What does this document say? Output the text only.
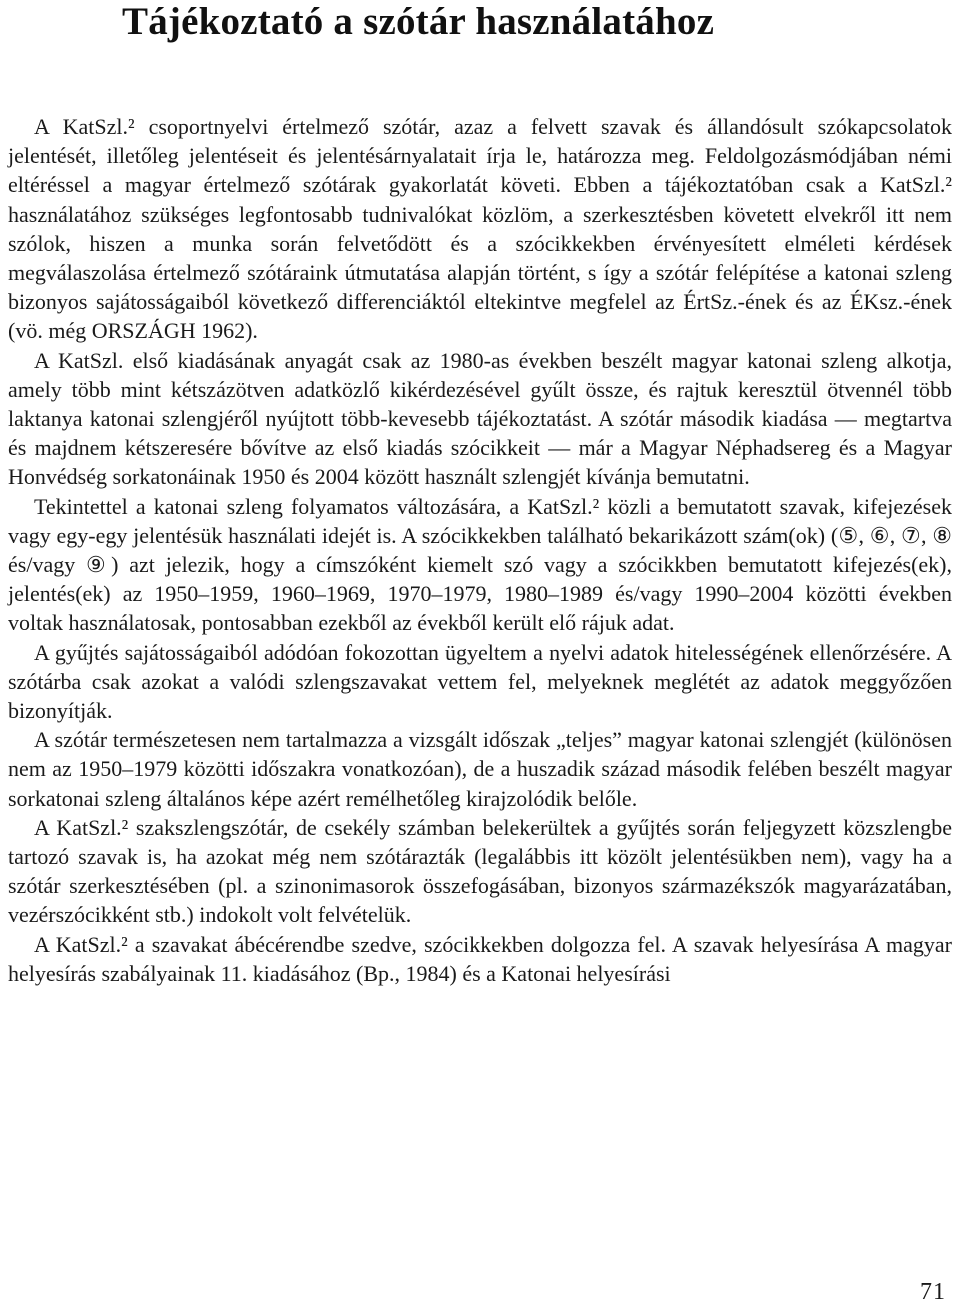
Tájékoztató a szótár használatához

A KatSzl.² csoportnyelvi értelmező szótár, azaz a felvett szavak és állandósult szókapcsolatok jelentését, illetőleg jelentéseit és jelentésárnyalatait írja le, határozza meg. Feldolgozásmódjában némi eltéréssel a magyar értelmező szótárak gyakorlatát követi. Ebben a tájékoztatóban csak a KatSzl.² használatához szükséges legfontosabb tudnivalókat közlöm, a szerkesztésben követett elvekről itt nem szólok, hiszen a munka során felvetődött és a szócikkekben érvényesített elméleti kérdések megválaszolása értelmező szótáraink útmutatása alapján történt, s így a szótár felépítése a katonai szleng bizonyos sajátosságaiból következő differenciáktól eltekintve megfelel az ÉrtSz.-ének és az ÉKsz.-ének (vö. még ORSZÁGH 1962).

A KatSzl. első kiadásának anyagát csak az 1980-as években beszélt magyar katonai szleng alkotja, amely több mint kétszázötven adatközlő kikérdezésével gyűlt össze, és rajtuk keresztül ötvennél több laktanya katonai szlengjéről nyújtott több-kevesebb tájékoztatást. A szótár második kiadása — megtartva és majdnem kétszeresére bővítve az első kiadás szócikkeit — már a Magyar Néphadsereg és a Magyar Honvédség sorkatonáinak 1950 és 2004 között használt szlengjét kívánja bemutatni.

Tekintettel a katonai szleng folyamatos változására, a KatSzl.² közli a bemutatott szavak, kifejezések vagy egy-egy jelentésük használati idejét is. A szócikkekben található bekarikázott szám(ok) (⑤, ⑥, ⑦, ⑧ és/vagy ⑨) azt jelezik, hogy a címszóként kiemelt szó vagy a szócikkben bemutatott kifejezés(ek), jelentés(ek) az 1950–1959, 1960–1969, 1970–1979, 1980–1989 és/vagy 1990–2004 közötti években voltak használatosak, pontosabban ezekből az évekből került elő rájuk adat.

A gyűjtés sajátosságaiból adódóan fokozottan ügyeltem a nyelvi adatok hitelességének ellenőrzésére. A szótárba csak azokat a valódi szlengszavakat vettem fel, melyeknek meglétét az adatok meggyőzően bizonyítják.

A szótár természetesen nem tartalmazza a vizsgált időszak „teljes” magyar katonai szlengjét (különösen nem az 1950–1979 közötti időszakra vonatkozóan), de a huszadik század második felében beszélt magyar sorkatonai szleng általános képe azért remélhetőleg kirajzolódik belőle.

A KatSzl.² szakszlengszótár, de csekély számban belekerültek a gyűjtés során feljegyzett közszlengbe tartozó szavak is, ha azokat még nem szótárazták (legalábbis itt közölt jelentésükben nem), vagy ha a szótár szerkesztésében (pl. a szinonimasorok összefogásában, bizonyos származékszók magyarázatában, vezérszócikként stb.) indokolt volt felvételük.

A KatSzl.² a szavakat ábécérendbe szedve, szócikkekben dolgozza fel. A szavak helyesírása A magyar helyesírás szabályainak 11. kiadásához (Bp., 1984) és a Katonai helyesírási

71
